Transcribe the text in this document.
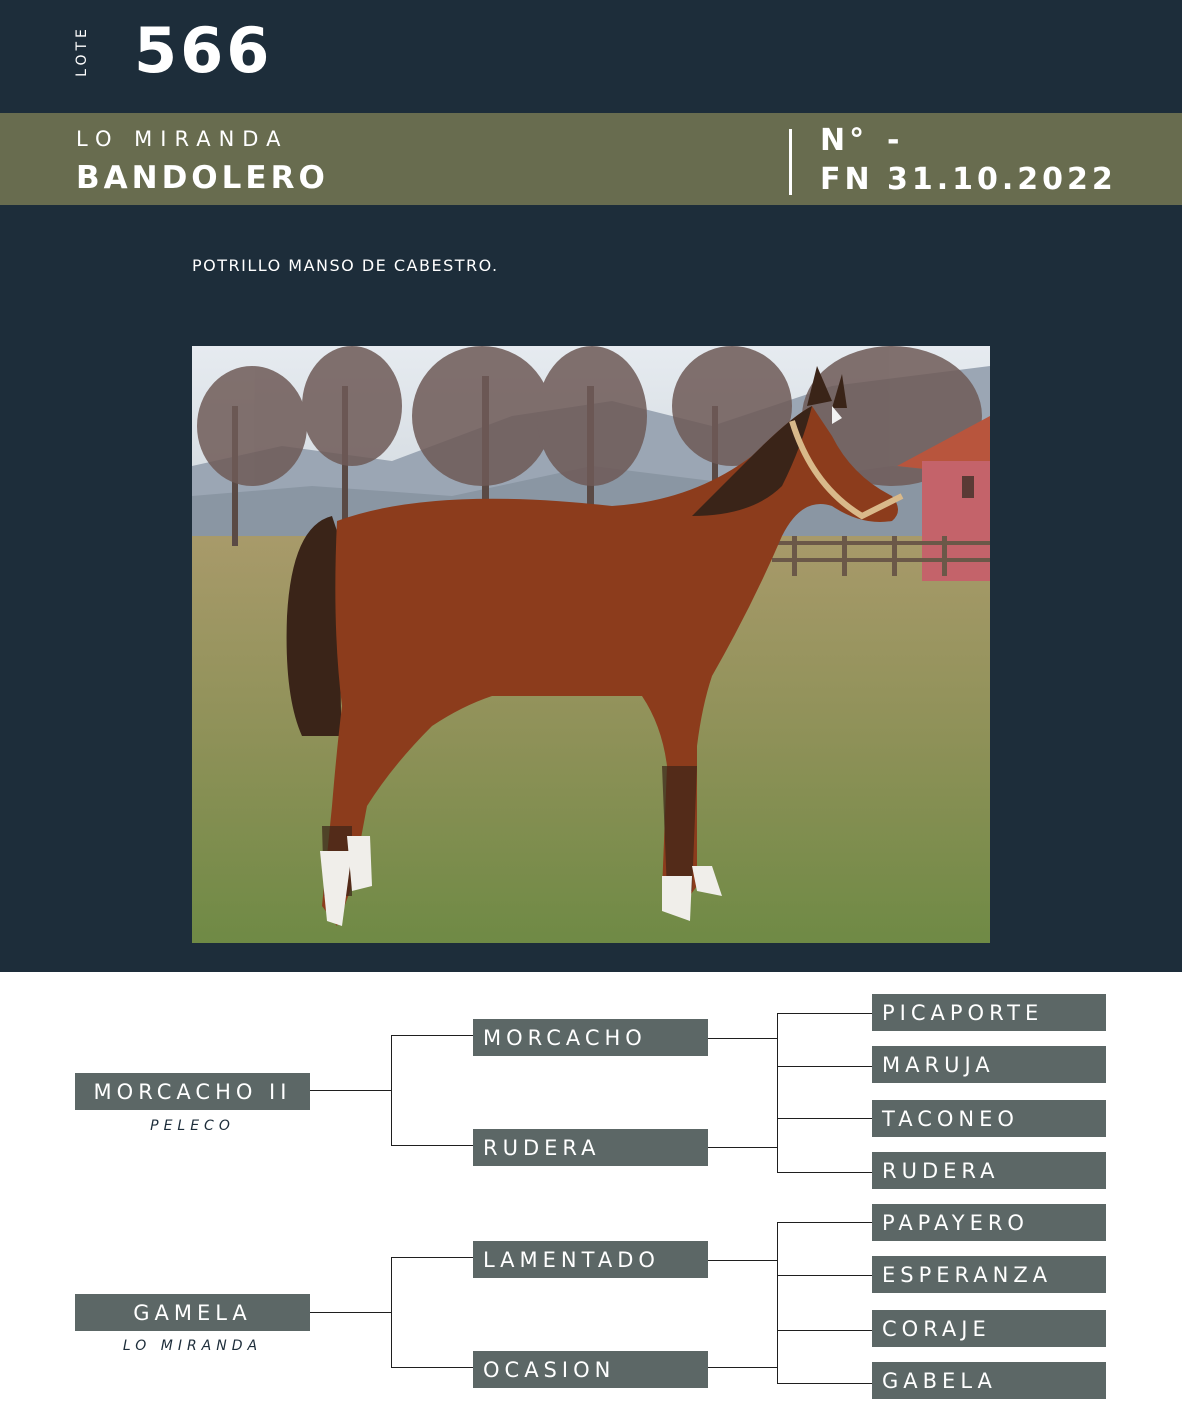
LOTE 566
LO MIRANDA
BANDOLERO
N° -
FN 31.10.2022
POTRILLO MANSO DE CABESTRO.
MORCACHO II
PELECO
MORCACHO
RUDERA
PICAPORTE
MARUJA
TACONEO
RUDERA
GAMELA
LO MIRANDA
LAMENTADO
OCASION
PAPAYERO
ESPERANZA
CORAJE
GABELA
